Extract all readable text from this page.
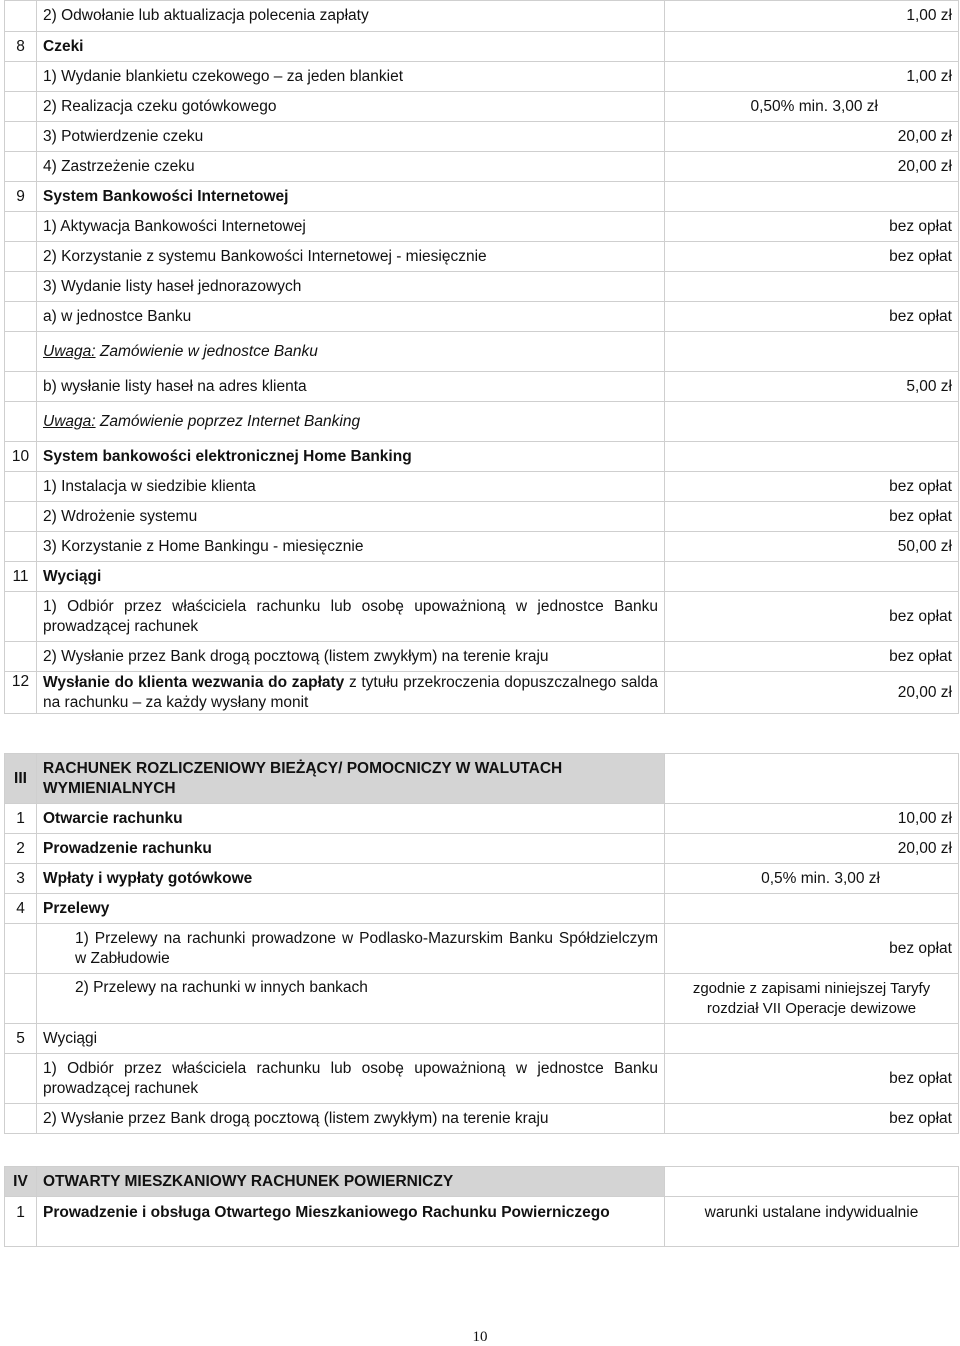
	2) Odwołanie lub aktualizacja polecenia zapłaty	1,00 zł
8	Czeki	
	1) Wydanie blankietu czekowego – za jeden blankiet	1,00 zł
	2) Realizacja czeku gotówkowego	0,50% min. 3,00 zł
	3) Potwierdzenie czeku	20,00 zł
	4) Zastrzeżenie czeku	20,00 zł
9	System Bankowości Internetowej	
	1) Aktywacja Bankowości Internetowej	bez opłat
	2) Korzystanie z systemu Bankowości Internetowej - miesięcznie	bez opłat
	3) Wydanie listy haseł jednorazowych	
	a) w jednostce Banku	bez opłat
	Uwaga: Zamówienie w jednostce Banku	
	b) wysłanie listy haseł na adres klienta	5,00 zł
	Uwaga: Zamówienie poprzez Internet Banking	
10	System bankowości elektronicznej Home Banking	
	1) Instalacja w siedzibie klienta	bez opłat
	2) Wdrożenie systemu	bez opłat
	3) Korzystanie z Home Bankingu - miesięcznie	50,00 zł
11	Wyciągi	
	1) Odbiór przez właściciela rachunku lub osobę upoważnioną w jednostce Banku prowadzącej rachunek	bez opłat
	2) Wysłanie przez Bank drogą pocztową (listem zwykłym) na terenie kraju	bez opłat
12	Wysłanie do klienta wezwania do zapłaty z tytułu przekroczenia dopuszczalnego salda na rachunku – za każdy wysłany monit	20,00 zł
III	RACHUNEK ROZLICZENIOWY BIEŻĄCY/ POMOCNICZY W WALUTACH WYMIENIALNYCH	
1	Otwarcie rachunku	10,00 zł
2	Prowadzenie rachunku	20,00 zł
3	Wpłaty i wypłaty gotówkowe	0,5% min. 3,00 zł
4	Przelewy	
	1) Przelewy na rachunki prowadzone w Podlasko-Mazurskim Banku Spółdzielczym w Zabłudowie	bez opłat
	2) Przelewy na rachunki w innych bankach	zgodnie z zapisami niniejszej Taryfy rozdział VII Operacje dewizowe
5	Wyciągi	
	1) Odbiór przez właściciela rachunku lub osobę upoważnioną w jednostce Banku prowadzącej rachunek	bez opłat
	2) Wysłanie przez Bank drogą pocztową (listem zwykłym) na terenie kraju	bez opłat
IV	OTWARTY MIESZKANIOWY RACHUNEK POWIERNICZY	
1	Prowadzenie i obsługa Otwartego Mieszkaniowego Rachunku Powierniczego	warunki ustalane indywidualnie
10
